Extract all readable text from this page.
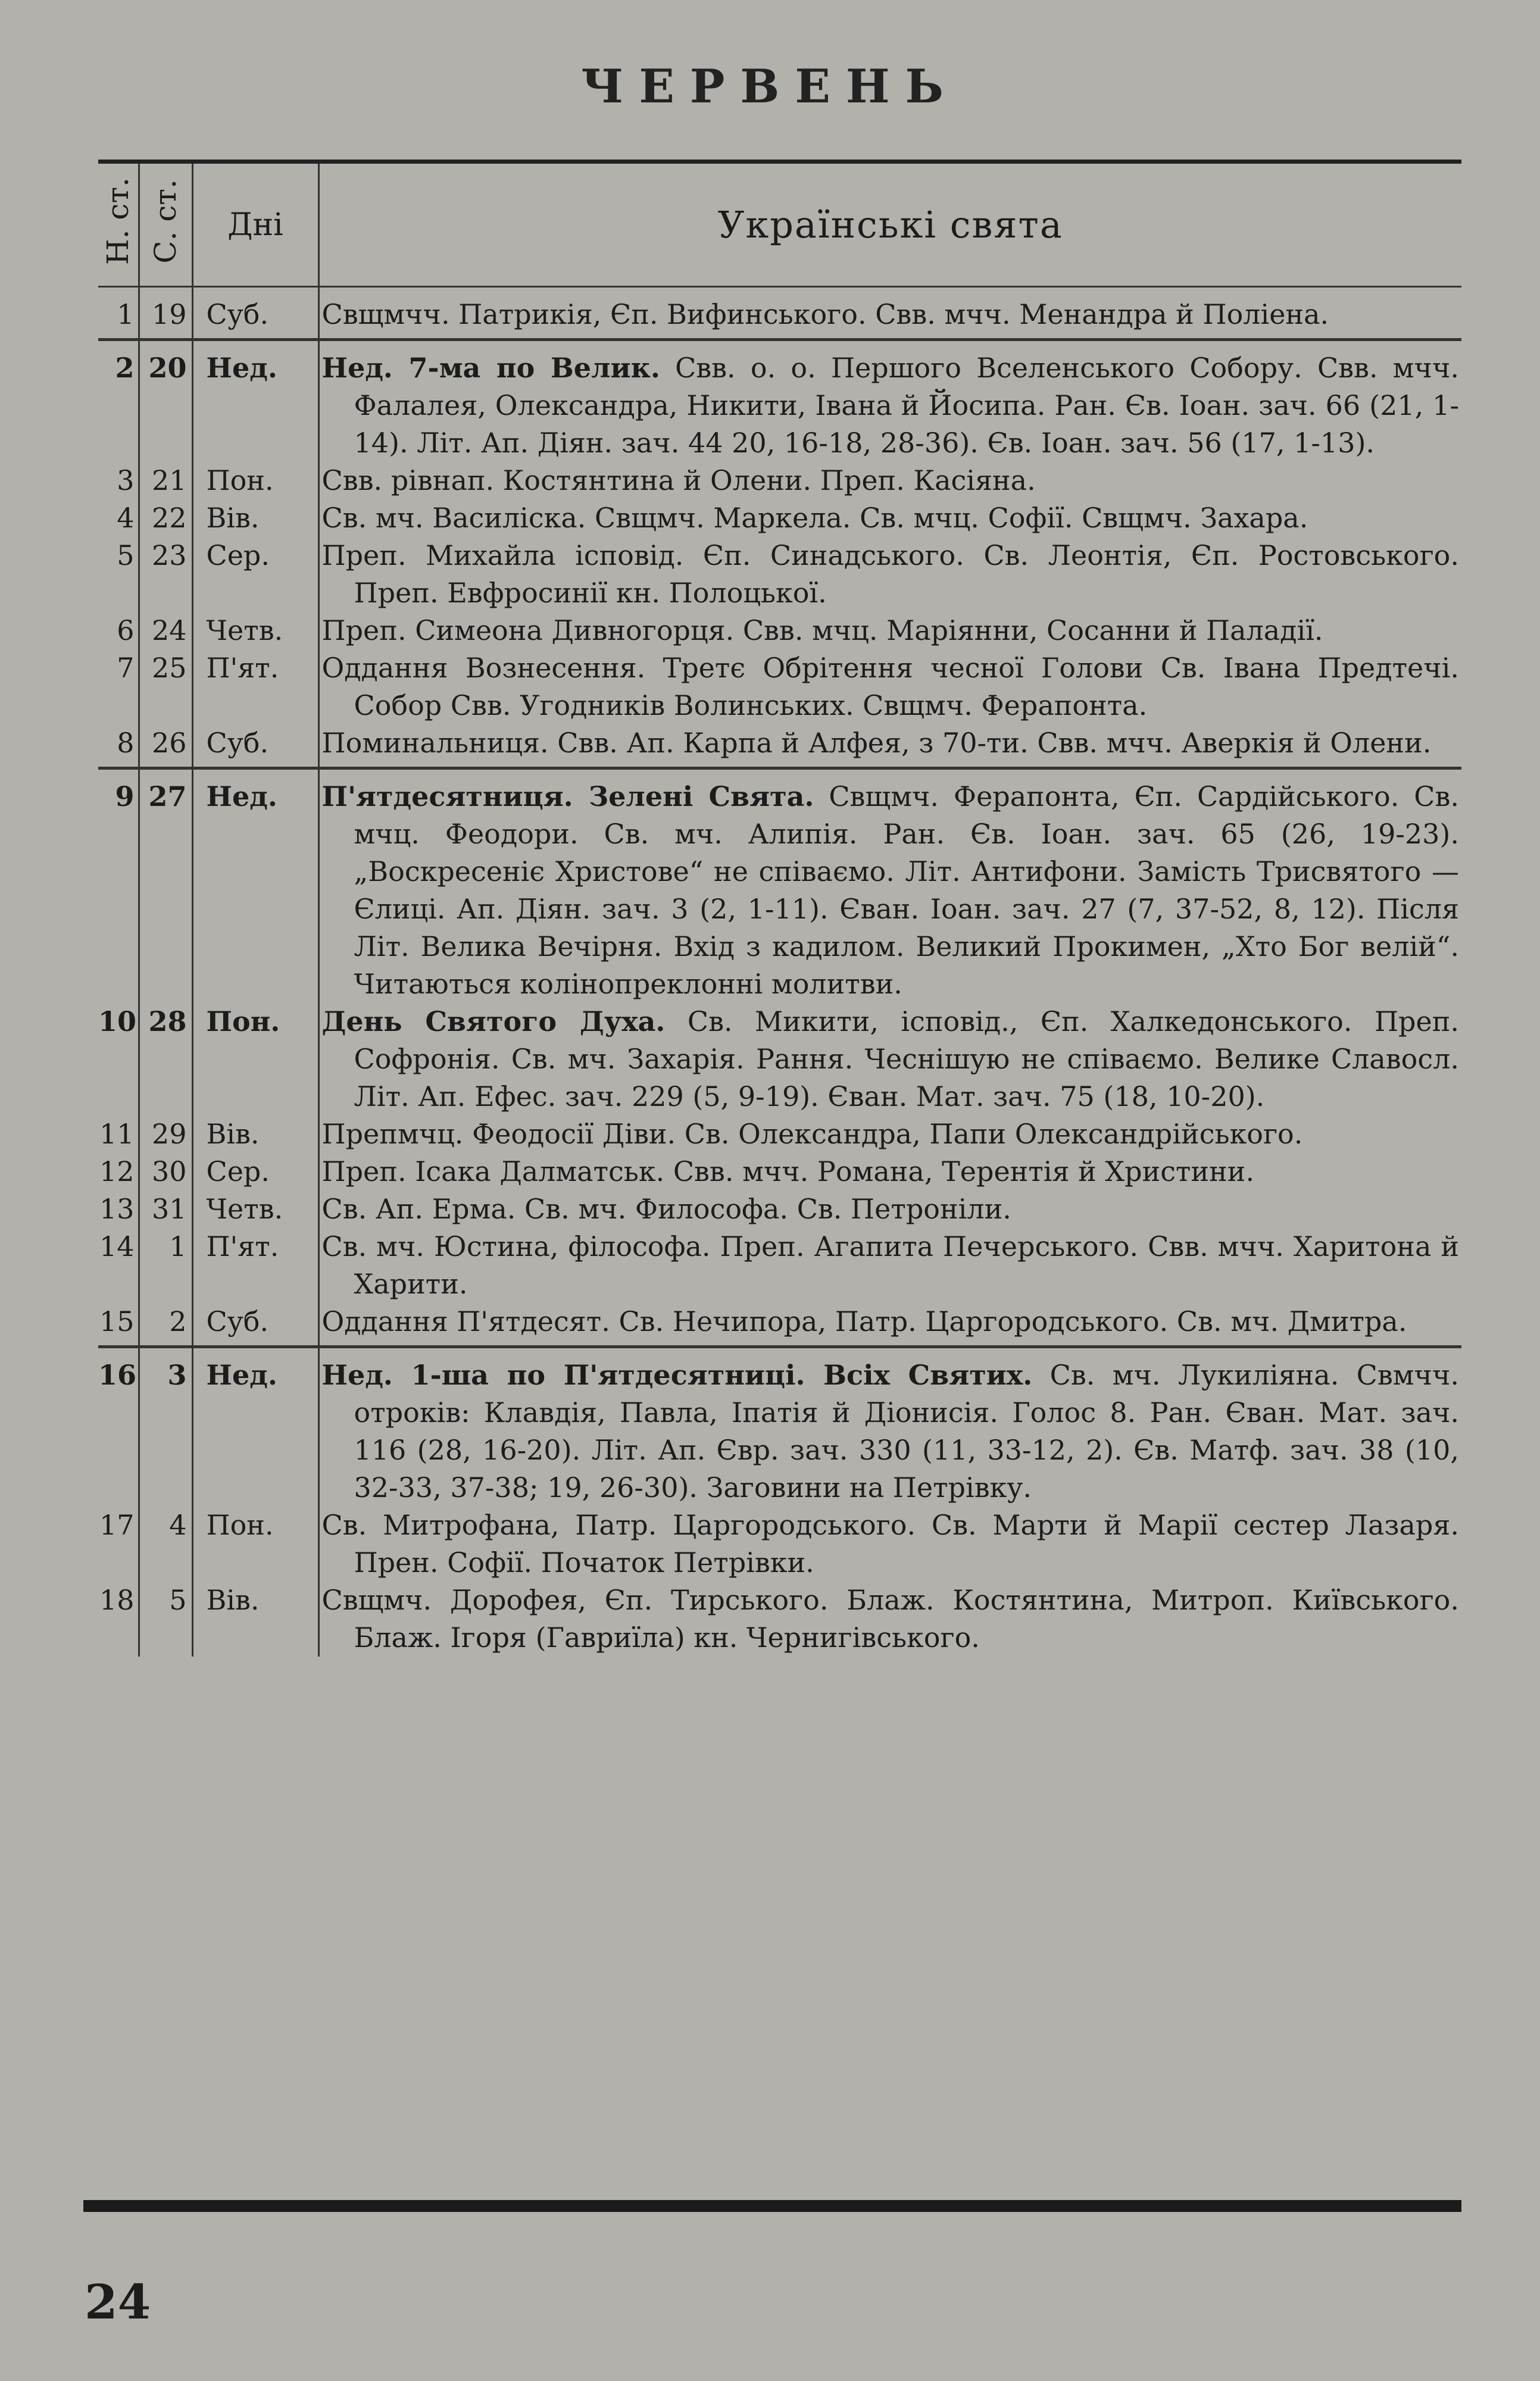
ЧЕРВЕНЬ
Н. ст.	С. ст.	Дні	Українські свята
1	19	Суб.	Свщмчч. Патрикія, Єп. Вифинського. Свв. мчч. Менандра й Поліена.
2	20	Нед.	Нед. 7-ма по Велик. Свв. о. о. Першого Вселенського Собору. Свв. мчч. Фалалея, Олександра, Никити, Івана й Йосипа. Ран. Єв. Іоан. зач. 66 (21, 1-14). Літ. Ап. Діян. зач. 44 20, 16-18, 28-36). Єв. Іоан. зач. 56 (17, 1-13).
3	21	Пон.	Свв. рівнап. Костянтина й Олени. Преп. Касіяна.
4	22	Вів.	Св. мч. Василіска. Свщмч. Маркела. Св. мчц. Софії. Свщмч. Захара.
5	23	Сер.	Преп. Михайла ісповід. Єп. Синадського. Св. Леонтія, Єп. Ростовського. Преп. Евфросинії кн. Полоцької.
6	24	Четв.	Преп. Симеона Дивногорця. Свв. мчц. Маріянни, Сосанни й Паладії.
7	25	П'ят.	Оддання Вознесення. Третє Обрітення чесної Голови Св. Івана Предтечі. Собор Свв. Угодників Волинських. Свщмч. Ферапонта.
8	26	Суб.	Поминальниця. Свв. Ап. Карпа й Алфея, з 70-ти. Свв. мчч. Аверкія й Олени.
9	27	Нед.	П'ятдесятниця. Зелені Свята. Свщмч. Ферапонта, Єп. Сардійського. Св. мчц. Феодори. Св. мч. Алипія. Ран. Єв. Іоан. зач. 65 (26, 19-23). „Воскресеніє Христове“ не співаємо. Літ. Антифони. Замість Трисвятого — Єлиці. Ап. Діян. зач. 3 (2, 1-11). Єван. Іоан. зач. 27 (7, 37-52, 8, 12). Після Літ. Велика Вечірня. Вхід з кадилом. Великий Прокимен, „Хто Бог велій“. Читаються колінопреклонні молитви.
10	28	Пон.	День Святого Духа. Св. Микити, ісповід., Єп. Халкедонського. Преп. Софронія. Св. мч. Захарія. Рання. Чеснішую не співаємо. Велике Славосл. Літ. Ап. Ефес. зач. 229 (5, 9-19). Єван. Мат. зач. 75 (18, 10-20).
11	29	Вів.	Препмчц. Феодосії Діви. Св. Олександра, Папи Олександрійського.
12	30	Сер.	Преп. Ісака Далматськ. Свв. мчч. Романа, Терентія й Христини.
13	31	Четв.	Св. Ап. Ерма. Св. мч. Философа. Св. Петроніли.
14	1	П'ят.	Св. мч. Юстина, філософа. Преп. Агапита Печерського. Свв. мчч. Харитона й Харити.
15	2	Суб.	Оддання П'ятдесят. Св. Нечипора, Патр. Царгородського. Св. мч. Дмитра.
16	3	Нед.	Нед. 1-ша по П'ятдесятниці. Всіх Святих. Св. мч. Лукиліяна. Свмчч. отроків: Клавдія, Павла, Іпатія й Діонисія. Голос 8. Ран. Єван. Мат. зач. 116 (28, 16-20). Літ. Ап. Євр. зач. 330 (11, 33-12, 2). Єв. Матф. зач. 38 (10, 32-33, 37-38; 19, 26-30). Заговини на Петрівку.
17	4	Пон.	Св. Митрофана, Патр. Царгородського. Св. Марти й Марії сестер Лазаря. Прен. Софії. Початок Петрівки.
18	5	Вів.	Свщмч. Дорофея, Єп. Тирського. Блаж. Костянтина, Митроп. Київського. Блаж. Ігоря (Гавриїла) кн. Чернигівського.
24
